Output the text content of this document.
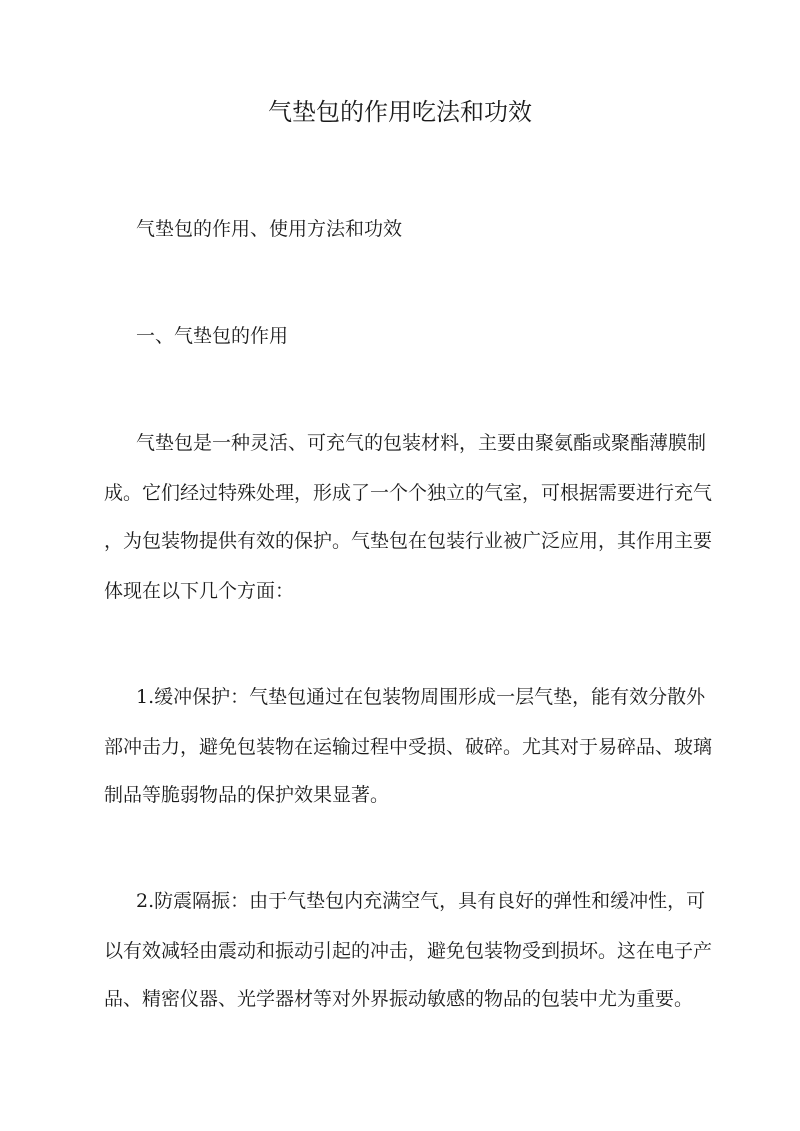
气垫包的作用吃法和功效

气垫包的作用、使用方法和功效

一、气垫包的作用

气垫包是一种灵活、可充气的包装材料，主要由聚氨酯或聚酯薄膜制

成。它们经过特殊处理，形成了一个个独立的气室，可根据需要进行充气

，为包装物提供有效的保护。气垫包在包装行业被广泛应用，其作用主要

体现在以下几个方面：

1.缓冲保护：气垫包通过在包装物周围形成一层气垫，能有效分散外

部冲击力，避免包装物在运输过程中受损、破碎。尤其对于易碎品、玻璃

制品等脆弱物品的保护效果显著。

2.防震隔振：由于气垫包内充满空气，具有良好的弹性和缓冲性，可

以有效减轻由震动和振动引起的冲击，避免包装物受到损坏。这在电子产

品、精密仪器、光学器材等对外界振动敏感的物品的包装中尤为重要。
